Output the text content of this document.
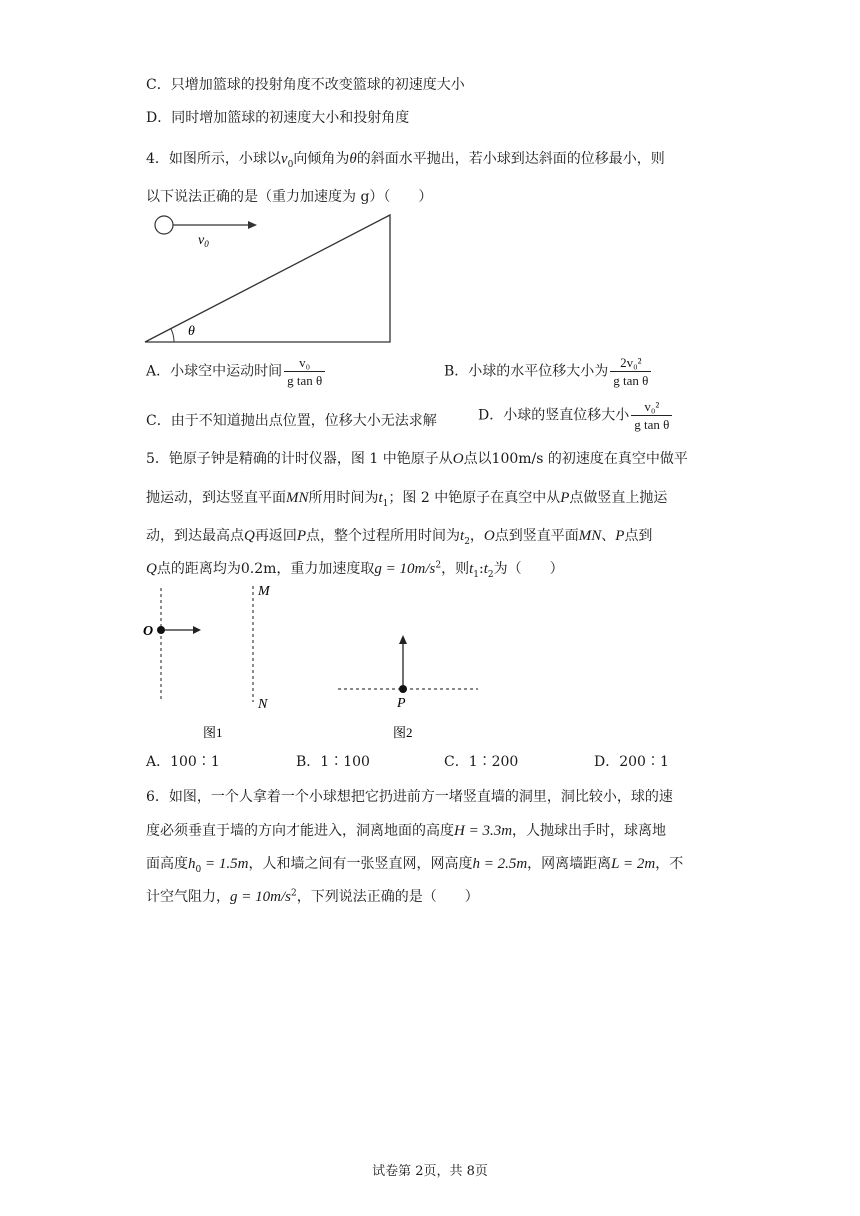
C．只增加篮球的投射角度不改变篮球的初速度大小
D．同时增加篮球的初速度大小和投射角度
4．如图所示，小球以$v_0$向倾角为θ的斜面水平抛出，若小球到达斜面的位移最小，则
以下说法正确的是（重力加速度为 g）（　　）
$v_0$
θ
A．小球空中运动时间 $\frac{\text{v₀}}{\text{g tan θ}}$	B．小球的水平位移大小为 $\frac{\text{2v₀²}}{\text{g tan θ}}$
C．由于不知道抛出点位置，位移大小无法求解	D．小球的竖直位移大小 $\frac{\text{v₀²}}{\text{g tan θ}}$
5．铯原子钟是精确的计时仪器，图 1 中铯原子从O点以100m/s 的初速度在真空中做平
抛运动，到达竖直平面MN所用时间为$t_1$；图 2 中铯原子在真空中从P点做竖直上抛运
动，到达最高点Q再返回P点，整个过程所用时间为$t_2$，O点到竖直平面MN、P点到
Q点的距离均为0.2m，重力加速度取$g = 10m/s^2$，则$t_1:t_2$为（　　）
O
M
N
图1
P
图2
A．100∶1	B．1∶100	C．1∶200	D．200∶1
6．如图，一个人拿着一个小球想把它扔进前方一堵竖直墙的洞里，洞比较小，球的速
度必须垂直于墙的方向才能进入，洞离地面的高度H = 3.3m，人抛球出手时，球离地
面高度$h_0 = 1.5m$，人和墙之间有一张竖直网，网高度h = 2.5m，网离墙距离L = 2m，不
计空气阻力，$g = 10m/s^2$，下列说法正确的是（　　）
试卷第 2页，共 8页
